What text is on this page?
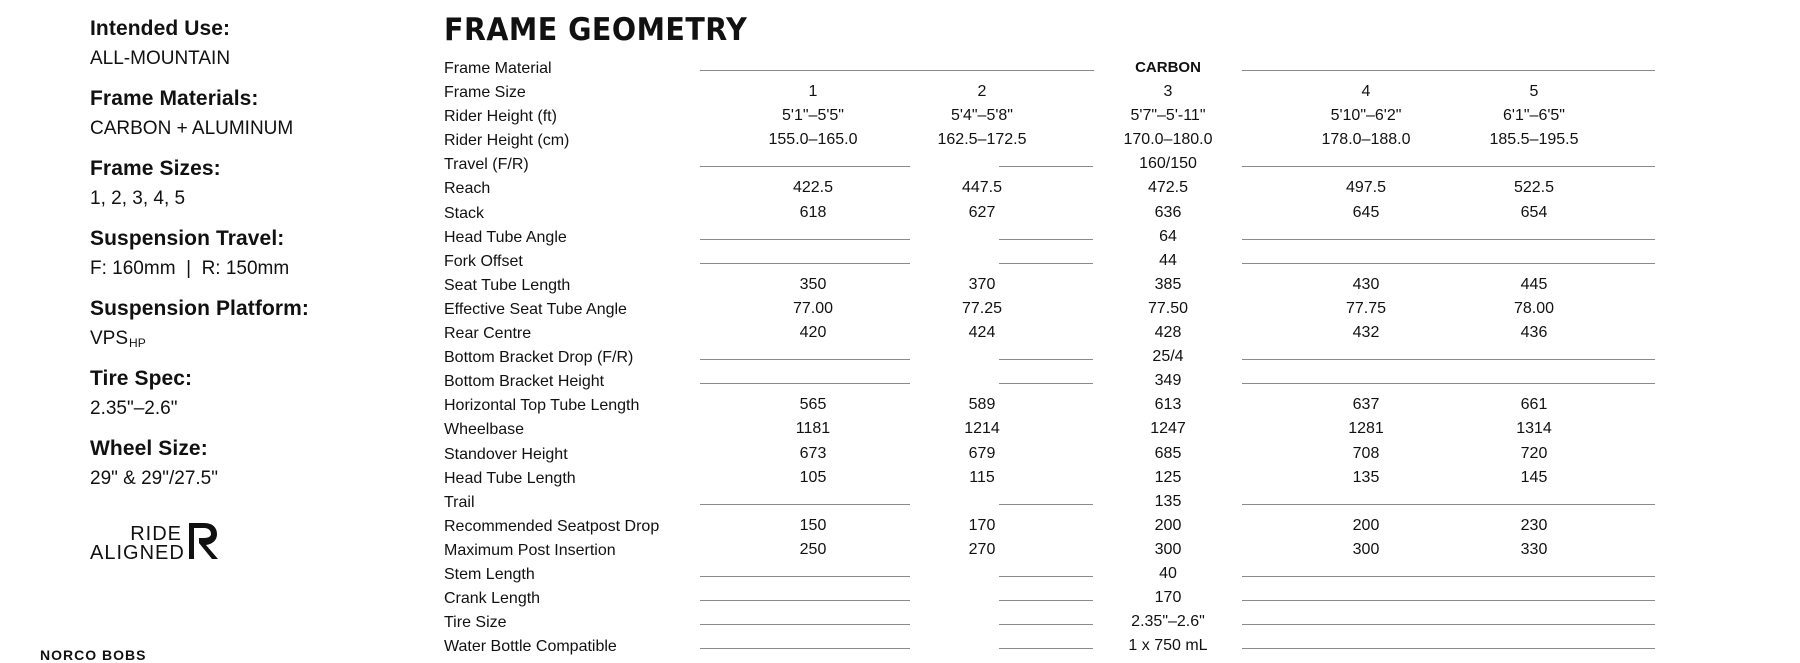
Intended Use:
ALL-MOUNTAIN
Frame Materials:
CARBON + ALUMINUM
Frame Sizes:
1, 2, 3, 4, 5
Suspension Travel:
F: 160mm  |  R: 150mm
Suspension Platform:
$VPS_{HP}$
Tire Spec:
2.35"–2.6"
Wheel Size:
29" & 29"/27.5"
RIDE
ALIGNED
NORCO BOBS
FRAME GEOMETRY
Frame Material	CARBON
Frame Size	1	2	3	4	5
Rider Height (ft)	5'1"–5'5"	5'4"–5'8"	5'7"–5'-11"	5'10"–6'2"	6'1"–6'5"
Rider Height (cm)	155.0–165.0	162.5–172.5	170.0–180.0	178.0–188.0	185.5–195.5
Travel (F/R)	160/150
Reach	422.5	447.5	472.5	497.5	522.5
Stack	618	627	636	645	654
Head Tube Angle	64
Fork Offset	44
Seat Tube Length	350	370	385	430	445
Effective Seat Tube Angle	77.00	77.25	77.50	77.75	78.00
Rear Centre	420	424	428	432	436
Bottom Bracket Drop (F/R)	25/4
Bottom Bracket Height	349
Horizontal Top Tube Length	565	589	613	637	661
Wheelbase	1181	1214	1247	1281	1314
Standover Height	673	679	685	708	720
Head Tube Length	105	115	125	135	145
Trail	135
Recommended Seatpost Drop	150	170	200	200	230
Maximum Post Insertion	250	270	300	300	330
Stem Length	40
Crank Length	170
Tire Size	2.35"–2.6"
Water Bottle Compatible	1 x 750 mL
